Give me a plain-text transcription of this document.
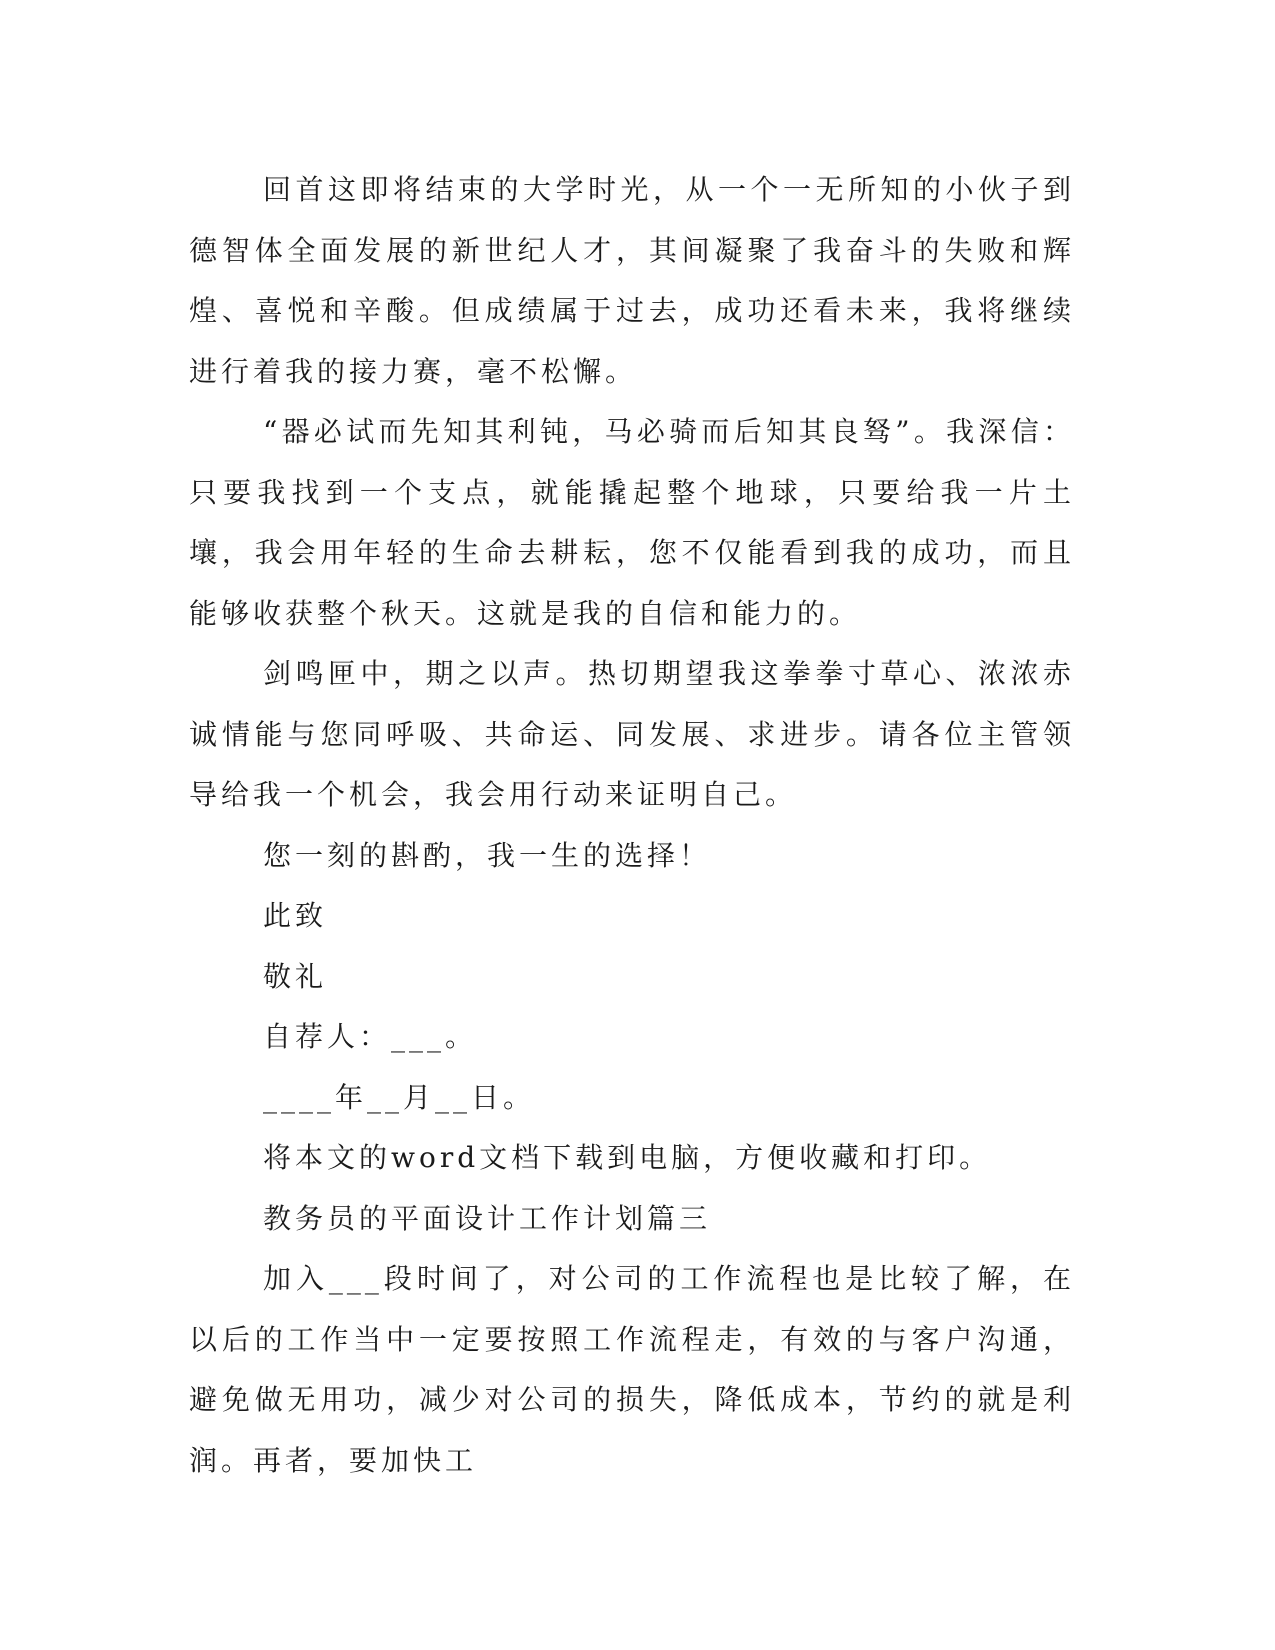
回首这即将结束的大学时光，从一个一无所知的小伙子到德智体全面发展的新世纪人才，其间凝聚了我奋斗的失败和辉煌、喜悦和辛酸。但成绩属于过去，成功还看未来，我将继续进行着我的接力赛，毫不松懈。

“器必试而先知其利钝，马必骑而后知其良驽”。我深信：只要我找到一个支点，就能撬起整个地球，只要给我一片土壤，我会用年轻的生命去耕耘，您不仅能看到我的成功，而且能够收获整个秋天。这就是我的自信和能力的。

剑鸣匣中，期之以声。热切期望我这拳拳寸草心、浓浓赤诚情能与您同呼吸、共命运、同发展、求进步。请各位主管领导给我一个机会，我会用行动来证明自己。

您一刻的斟酌，我一生的选择！

此致

敬礼

自荐人：___。

____年__月__日。

将本文的word文档下载到电脑，方便收藏和打印。

教务员的平面设计工作计划篇三

加入___段时间了，对公司的工作流程也是比较了解，在以后的工作当中一定要按照工作流程走，有效的与客户沟通，避免做无用功，减少对公司的损失，降低成本，节约的就是利润。再者，要加快工
